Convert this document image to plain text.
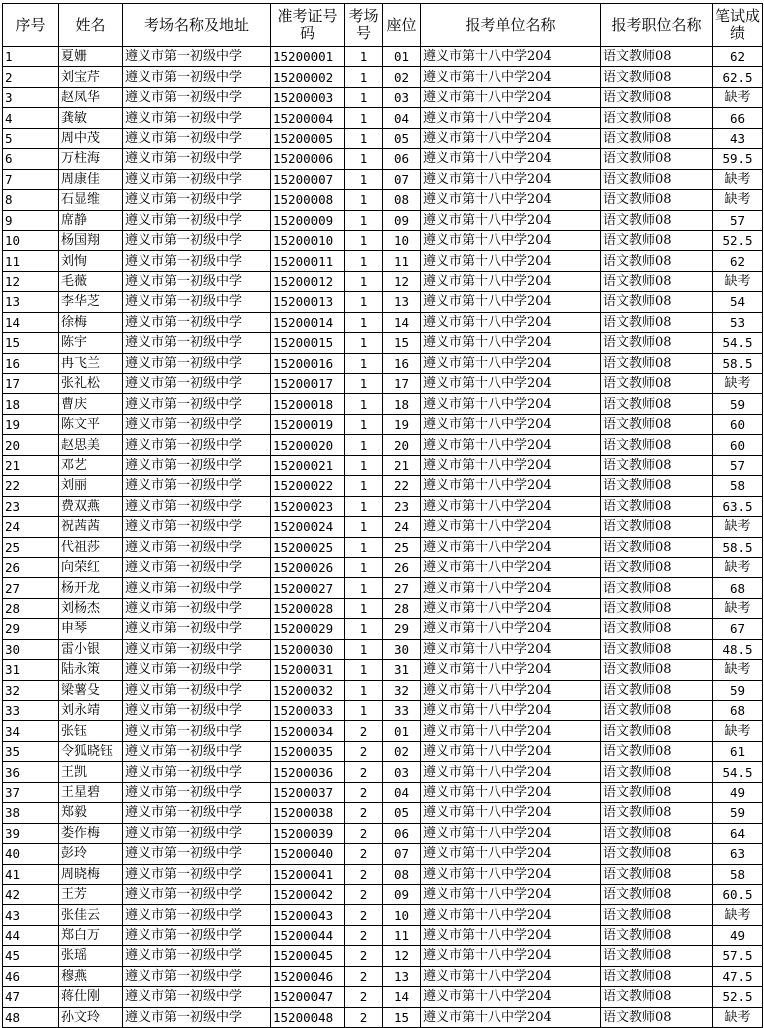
序号	姓名	考场名称及地址	准考证号码	考场号	座位	报考单位名称	报考职位名称	笔试成绩
1	夏姗	遵义市第一初级中学	15200001	1	01	遵义市第十八中学204	语文教师08	62
2	刘宝芹	遵义市第一初级中学	15200002	1	02	遵义市第十八中学204	语文教师08	62.5
3	赵凤华	遵义市第一初级中学	15200003	1	03	遵义市第十八中学204	语文教师08	缺考
4	龚敏	遵义市第一初级中学	15200004	1	04	遵义市第十八中学204	语文教师08	66
5	周中茂	遵义市第一初级中学	15200005	1	05	遵义市第十八中学204	语文教师08	43
6	万柱海	遵义市第一初级中学	15200006	1	06	遵义市第十八中学204	语文教师08	59.5
7	周康佳	遵义市第一初级中学	15200007	1	07	遵义市第十八中学204	语文教师08	缺考
8	石显维	遵义市第一初级中学	15200008	1	08	遵义市第十八中学204	语文教师08	缺考
9	席静	遵义市第一初级中学	15200009	1	09	遵义市第十八中学204	语文教师08	57
10	杨国翔	遵义市第一初级中学	15200010	1	10	遵义市第十八中学204	语文教师08	52.5
11	刘恂	遵义市第一初级中学	15200011	1	11	遵义市第十八中学204	语文教师08	62
12	毛薇	遵义市第一初级中学	15200012	1	12	遵义市第十八中学204	语文教师08	缺考
13	李华芝	遵义市第一初级中学	15200013	1	13	遵义市第十八中学204	语文教师08	54
14	徐梅	遵义市第一初级中学	15200014	1	14	遵义市第十八中学204	语文教师08	53
15	陈宇	遵义市第一初级中学	15200015	1	15	遵义市第十八中学204	语文教师08	54.5
16	冉飞兰	遵义市第一初级中学	15200016	1	16	遵义市第十八中学204	语文教师08	58.5
17	张礼松	遵义市第一初级中学	15200017	1	17	遵义市第十八中学204	语文教师08	缺考
18	曹庆	遵义市第一初级中学	15200018	1	18	遵义市第十八中学204	语文教师08	59
19	陈文平	遵义市第一初级中学	15200019	1	19	遵义市第十八中学204	语文教师08	60
20	赵思美	遵义市第一初级中学	15200020	1	20	遵义市第十八中学204	语文教师08	60
21	邓艺	遵义市第一初级中学	15200021	1	21	遵义市第十八中学204	语文教师08	57
22	刘丽	遵义市第一初级中学	15200022	1	22	遵义市第十八中学204	语文教师08	58
23	费双燕	遵义市第一初级中学	15200023	1	23	遵义市第十八中学204	语文教师08	63.5
24	祝茜茜	遵义市第一初级中学	15200024	1	24	遵义市第十八中学204	语文教师08	缺考
25	代祖莎	遵义市第一初级中学	15200025	1	25	遵义市第十八中学204	语文教师08	58.5
26	向荣红	遵义市第一初级中学	15200026	1	26	遵义市第十八中学204	语文教师08	缺考
27	杨开龙	遵义市第一初级中学	15200027	1	27	遵义市第十八中学204	语文教师08	68
28	刘杨杰	遵义市第一初级中学	15200028	1	28	遵义市第十八中学204	语文教师08	缺考
29	申琴	遵义市第一初级中学	15200029	1	29	遵义市第十八中学204	语文教师08	67
30	雷小银	遵义市第一初级中学	15200030	1	30	遵义市第十八中学204	语文教师08	48.5
31	陆永策	遵义市第一初级中学	15200031	1	31	遵义市第十八中学204	语文教师08	缺考
32	梁薯殳	遵义市第一初级中学	15200032	1	32	遵义市第十八中学204	语文教师08	59
33	刘永靖	遵义市第一初级中学	15200033	1	33	遵义市第十八中学204	语文教师08	68
34	张钰	遵义市第一初级中学	15200034	2	01	遵义市第十八中学204	语文教师08	缺考
35	令狐晓钰	遵义市第一初级中学	15200035	2	02	遵义市第十八中学204	语文教师08	61
36	王凯	遵义市第一初级中学	15200036	2	03	遵义市第十八中学204	语文教师08	54.5
37	王星碧	遵义市第一初级中学	15200037	2	04	遵义市第十八中学204	语文教师08	49
38	郑毅	遵义市第一初级中学	15200038	2	05	遵义市第十八中学204	语文教师08	59
39	娄作梅	遵义市第一初级中学	15200039	2	06	遵义市第十八中学204	语文教师08	64
40	彭玲	遵义市第一初级中学	15200040	2	07	遵义市第十八中学204	语文教师08	63
41	周晓梅	遵义市第一初级中学	15200041	2	08	遵义市第十八中学204	语文教师08	58
42	王芳	遵义市第一初级中学	15200042	2	09	遵义市第十八中学204	语文教师08	60.5
43	张佳云	遵义市第一初级中学	15200043	2	10	遵义市第十八中学204	语文教师08	缺考
44	郑白万	遵义市第一初级中学	15200044	2	11	遵义市第十八中学204	语文教师08	49
45	张瑶	遵义市第一初级中学	15200045	2	12	遵义市第十八中学204	语文教师08	57.5
46	穆燕	遵义市第一初级中学	15200046	2	13	遵义市第十八中学204	语文教师08	47.5
47	蒋仕刚	遵义市第一初级中学	15200047	2	14	遵义市第十八中学204	语文教师08	52.5
48	孙文玲	遵义市第一初级中学	15200048	2	15	遵义市第十八中学204	语文教师08	缺考
